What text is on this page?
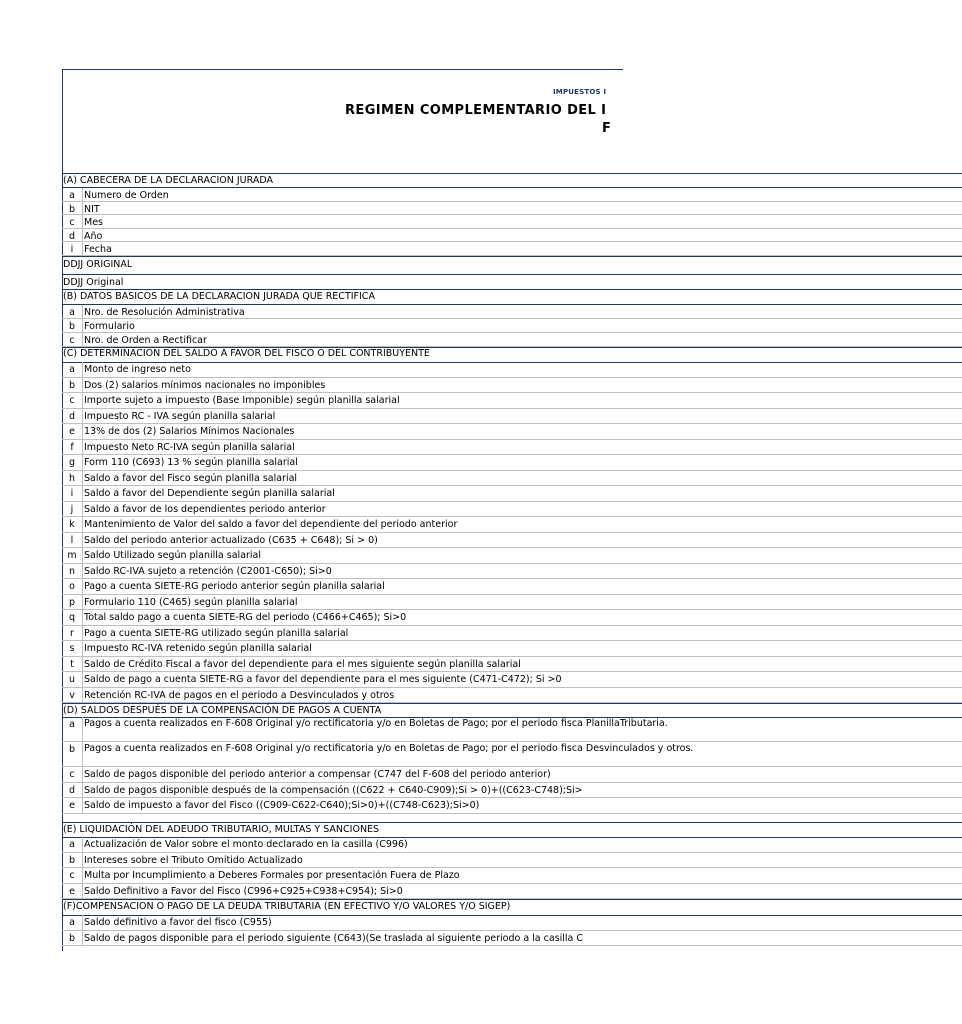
IMPUESTOS I
REGIMEN COMPLEMENTARIO DEL I
F
(A) CABECERA DE LA DECLARACION JURADA
a Numero de Orden
b NIT
c Mes
d Año
i	Fecha
DDJJ ORIGINAL
DDJJ Original
(B) DATOS BASICOS DE LA DECLARACION JURADA QUE RECTIFICA
a Nro. de Resolución Administrativa
b Formulario
c Nro. de Orden a Rectificar
(C) DETERMINACION DEL SALDO A FAVOR DEL FISCO O DEL CONTRIBUYENTE
a Monto de ingreso neto
b Dos (2) salarios mínimos nacionales no imponibles
c Importe sujeto a impuesto (Base Imponible) según planilla salarial
d Impuesto RC - IVA según planilla salarial
e 13% de dos (2) Salarios Mínimos Nacionales
f	Impuesto Neto RC-IVA según planilla salarial
g Form 110 (C693) 13 % según planilla salarial
h Saldo a favor del Fisco según planilla salarial
i	Saldo a favor del Dependiente según planilla salarial
j	Saldo a favor de los dependientes periodo anterior
k Mantenimiento de Valor del saldo a favor del dependiente del periodo anterior
l	Saldo del periodo anterior actualizado (C635 + C648); Si > 0)
m Saldo Utilizado según planilla salarial
n Saldo RC-IVA sujeto a retención (C2001-C650); Si>0
o Pago a cuenta SIETE-RG periodo anterior según planilla salarial
p Formulario 110 (C465) según planilla salarial
q Total saldo pago a cuenta SIETE-RG del periodo (C466+C465); Si>0
r	Pago a cuenta SIETE-RG utilizado según planilla salarial
s	Impuesto RC-IVA retenido según planilla salarial
t	Saldo de Crédito Fiscal a favor del dependiente para el mes siguiente según planilla salarial
u Saldo de pago a cuenta SIETE-RG a favor del dependiente para el mes siguiente (C471-C472); Si >0
v Retención RC-IVA de pagos en el periodo a Desvinculados y otros
(D) SALDOS DESPUÉS DE LA COMPENSACIÓN DE PAGOS A CUENTA
a Pagos a cuenta realizados en F-608 Original y/o rectificatoria y/o en Boletas de Pago; por el periodo fisca PlanillaTributaria.
b Pagos a cuenta realizados en F-608 Original y/o rectificatoria y/o en Boletas de Pago; por el periodo fisca Desvinculados y otros.
c Saldo de pagos disponible del periodo anterior a compensar (C747 del F-608 del periodo anterior)
d Saldo de pagos disponible después de la compensación ((C622 + C640-C909);Si > 0)+((C623-C748);Si>
e Saldo de impuesto a favor del Fisco ((C909-C622-C640);Si>0)+((C748-C623);Si>0)
(E) LIQUIDACIÓN DEL ADEUDO TRIBUTARIO, MULTAS Y SANCIONES
a Actualización de Valor sobre el monto declarado en la casilla (C996)
b Intereses sobre el Tributo Omitido Actualizado
c Multa por Incumplimiento a Deberes Formales por presentación Fuera de Plazo
e Saldo Definitivo a Favor del Fisco (C996+C925+C938+C954); Si>0
(F)COMPENSACION O PAGO DE LA DEUDA TRIBUTARIA (EN EFECTIVO Y/O VALORES Y/O SIGEP)
a Saldo definitivo a favor del fisco (C955)
b Saldo de pagos disponible para el periodo siguiente (C643)(Se traslada al siguiente periodo a la casilla C
